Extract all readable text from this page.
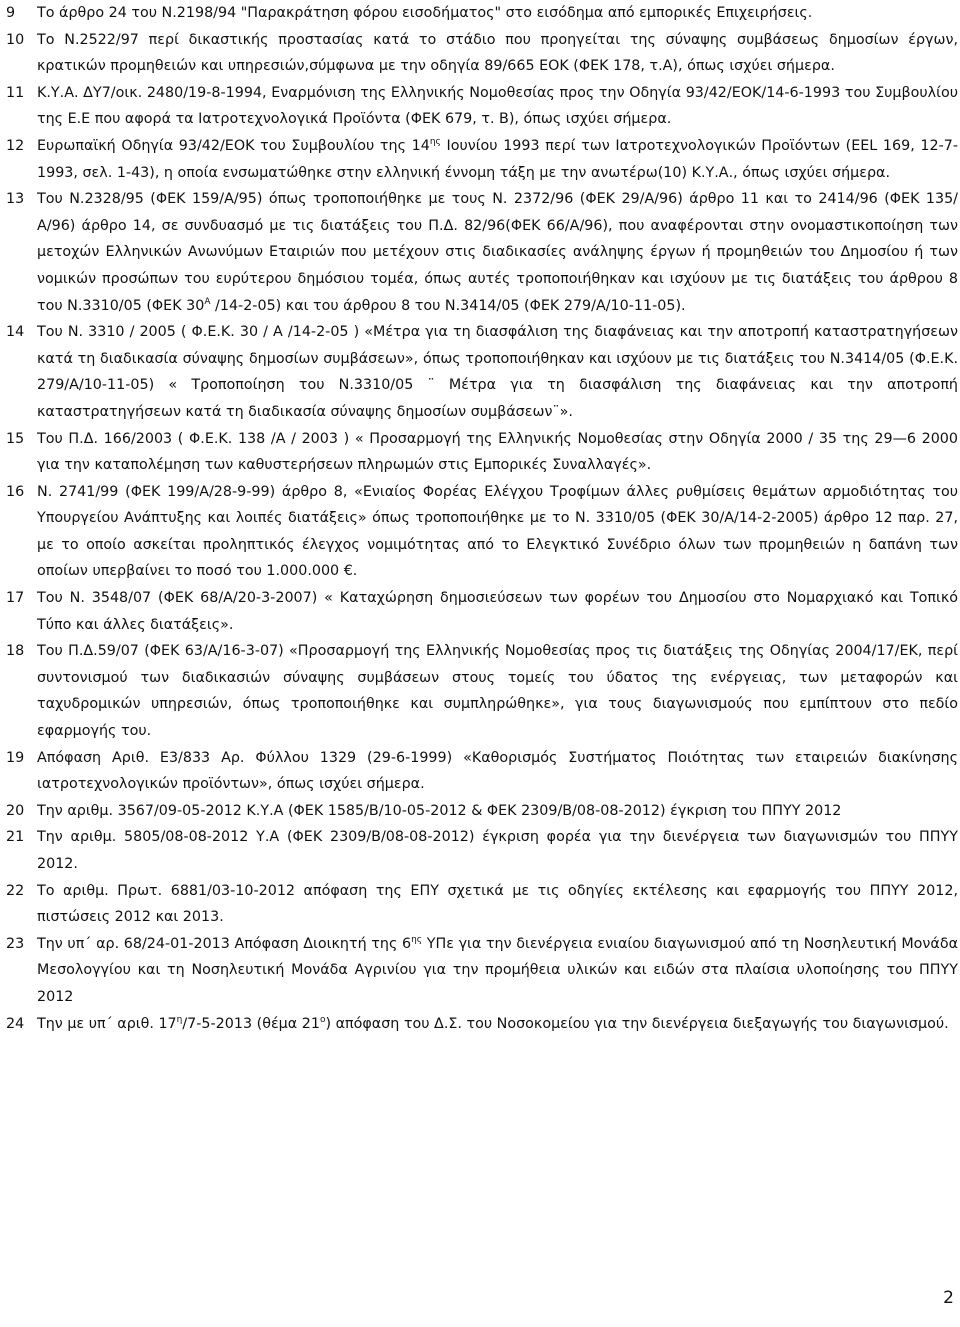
9	Το άρθρο 24 του Ν.2198/94 "Παρακράτηση φόρου εισοδήματος" στο εισόδημα από εμπορικές Επιχειρήσεις.
10 Το Ν.2522/97 περί δικαστικής προστασίας κατά το στάδιο που προηγείται της σύναψης συμβάσεως δημοσίων έργων, κρατικών προμηθειών και υπηρεσιών,σύμφωνα με την οδηγία 89/665 ΕΟΚ (ΦΕΚ 178, τ.Α), όπως ισχύει σήμερα.
11 Κ.Υ.Α. ΔΥ7/οικ. 2480/19-8-1994, Εναρμόνιση της Ελληνικής Νομοθεσίας προς την Οδηγία 93/42/ΕΟΚ/14-6-1993 του Συμβουλίου της Ε.Ε που αφορά τα Ιατροτεχνολογικά Προϊόντα (ΦΕΚ 679, τ. Β), όπως ισχύει σήμερα.
12 Ευρωπαϊκή Οδηγία 93/42/ΕΟΚ του Συμβουλίου της $14^{\eta\varsigma}$ Ιουνίου 1993 περί των Ιατροτεχνολογικών Προϊόντων (EEL 169, 12-7-1993, σελ. 1-43), η οποία ενσωματώθηκε στην ελληνική έννομη τάξη με την ανωτέρω(10) Κ.Υ.Α., όπως ισχύει σήμερα.
13 Του Ν.2328/95 (ΦΕΚ 159/Α/95) όπως τροποποιήθηκε με τους Ν. 2372/96 (ΦΕΚ 29/Α/96) άρθρο 11 και το 2414/96 (ΦΕΚ 135/Α/96) άρθρο 14, σε συνδυασμό με τις διατάξεις του Π.Δ. 82/96(ΦΕΚ 66/Α/96), που αναφέρονται στην ονομαστικοποίηση των μετοχών Ελληνικών Ανωνύμων Εταιριών που μετέχουν στις διαδικασίες ανάληψης έργων ή προμηθειών του Δημοσίου ή των νομικών προσώπων του ευρύτερου δημόσιου τομέα, όπως αυτές τροποποιήθηκαν και ισχύουν με τις διατάξεις του άρθρου 8 του Ν.3310/05 (ΦΕΚ $30^A$ /14-2-05) και του άρθρου 8 του Ν.3414/05 (ΦΕΚ 279/Α/10-11-05).
14 Του Ν. 3310 / 2005 ( Φ.Ε.Κ. 30 / Α /14-2-05 ) «Μέτρα για τη διασφάλιση της διαφάνειας και την αποτροπή καταστρατηγήσεων κατά τη διαδικασία σύναψης δημοσίων συμβάσεων», όπως τροποποιήθηκαν και ισχύουν με τις διατάξεις του Ν.3414/05 (Φ.Ε.Κ. 279/Α/10-11-05) « Τροποποίηση του Ν.3310/05 ¨ Μέτρα για τη διασφάλιση της διαφάνειας και την αποτροπή καταστρατηγήσεων κατά τη διαδικασία σύναψης δημοσίων συμβάσεων¨».
15 Του Π.Δ. 166/2003 ( Φ.Ε.Κ. 138 /Α / 2003 ) « Προσαρμογή της Ελληνικής Νομοθεσίας στην Οδηγία 2000 / 35 της 29—6 2000 για την καταπολέμηση των καθυστερήσεων πληρωμών στις Εμπορικές Συναλλαγές».
16 Ν. 2741/99 (ΦΕΚ 199/Α/28-9-99) άρθρο 8, «Ενιαίος Φορέας Ελέγχου Τροφίμων άλλες ρυθμίσεις θεμάτων αρμοδιότητας του Υπουργείου Ανάπτυξης και λοιπές διατάξεις» όπως τροποποιήθηκε με το Ν. 3310/05 (ΦΕΚ 30/Α/14-2-2005) άρθρο 12 παρ. 27, με το οποίο ασκείται προληπτικός έλεγχος νομιμότητας από το Ελεγκτικό Συνέδριο όλων των προμηθειών η δαπάνη των οποίων υπερβαίνει το ποσό του 1.000.000 €.
17 Του Ν. 3548/07 (ΦΕΚ 68/Α/20-3-2007) « Καταχώρηση δημοσιεύσεων των φορέων του Δημοσίου στο Νομαρχιακό και Τοπικό Τύπο και άλλες διατάξεις».
18 Του Π.Δ.59/07 (ΦΕΚ 63/Α/16-3-07) «Προσαρμογή της Ελληνικής Νομοθεσίας προς τις διατάξεις της Οδηγίας 2004/17/ΕΚ, περί συντονισμού των διαδικασιών σύναψης συμβάσεων στους τομείς του ύδατος της ενέργειας, των μεταφορών και ταχυδρομικών υπηρεσιών, όπως τροποποιήθηκε και συμπληρώθηκε», για τους διαγωνισμούς που εμπίπτουν στο πεδίο εφαρμογής του.
19 Απόφαση Αριθ. Ε3/833 Αρ. Φύλλου 1329 (29-6-1999) «Καθορισμός Συστήματος Ποιότητας των εταιρειών διακίνησης ιατροτεχνολογικών προϊόντων», όπως ισχύει σήμερα.
20 Την αριθμ. 3567/09-05-2012 Κ.Υ.Α (ΦΕΚ 1585/Β/10-05-2012 & ΦΕΚ 2309/Β/08-08-2012) έγκριση του ΠΠΥΥ 2012
21 Την αριθμ. 5805/08-08-2012 Υ.Α (ΦΕΚ 2309/Β/08-08-2012) έγκριση φορέα για την διενέργεια των διαγωνισμών του ΠΠΥΥ 2012.
22 Το αριθμ. Πρωτ. 6881/03-10-2012 απόφαση της ΕΠΥ σχετικά με τις οδηγίες εκτέλεσης και εφαρμογής του ΠΠΥΥ 2012, πιστώσεις 2012 και 2013.
23 Την υπ΄ αρ. 68/24-01-2013 Απόφαση Διοικητή της $6^{\eta\varsigma}$ ΥΠε για την διενέργεια ενιαίου διαγωνισμού από τη Νοσηλευτική Μονάδα Μεσολογγίου και τη Νοσηλευτική Μονάδα Αγρινίου για την προμήθεια υλικών και ειδών στα πλαίσια υλοποίησης του ΠΠΥΥ 2012
24 Την με υπ΄ αριθ. $17^\eta/7-5-2013$ (θέμα $21^o$) απόφαση του Δ.Σ. του Νοσοκομείου για την διενέργεια διεξαγωγής του διαγωνισμού.
2
